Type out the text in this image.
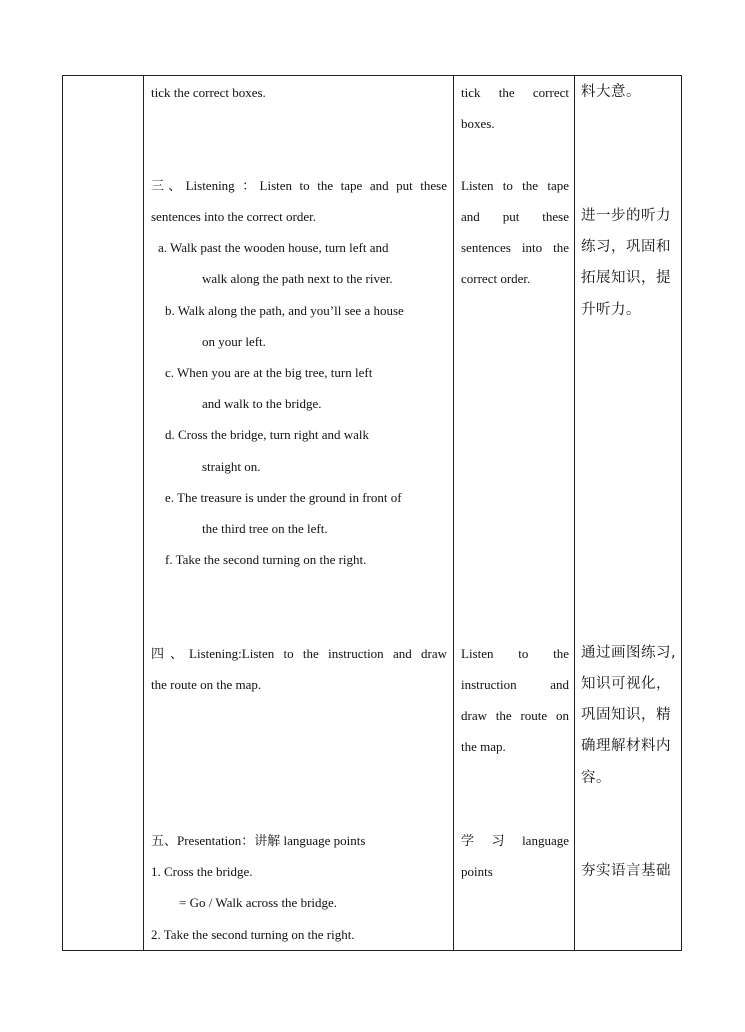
tick the correct boxes.
三、Listening ：Listen to the tape and put these
sentences into the correct order.
a. Walk past the wooden house, turn left and
walk along the path next to the river.
b. Walk along the path, and you’ll see a house
on your left.
c. When you are at the big tree, turn left
and walk to the bridge.
d. Cross the bridge, turn right and walk
straight on.
e. The treasure is under the ground in front of
the third tree on the left.
f. Take the second turning on the right.
四、Listening:Listen to the instruction and draw
the route on the map.
五、Presentation：讲解 language points
1. Cross the bridge.
= Go / Walk across the bridge.
2. Take the second turning on the right.
tick the correct
boxes.
Listen to the tape
and put these
sentences into the
correct order.
Listen to the
instruction and
draw the route on
the map.
学 习 language
points
料大意。
进一步的听力
练习，巩固和
拓展知识，提
升听力。
通过画图练习,
知识可视化，
巩固知识，精
确理解材料内
容。
夯实语言基础
